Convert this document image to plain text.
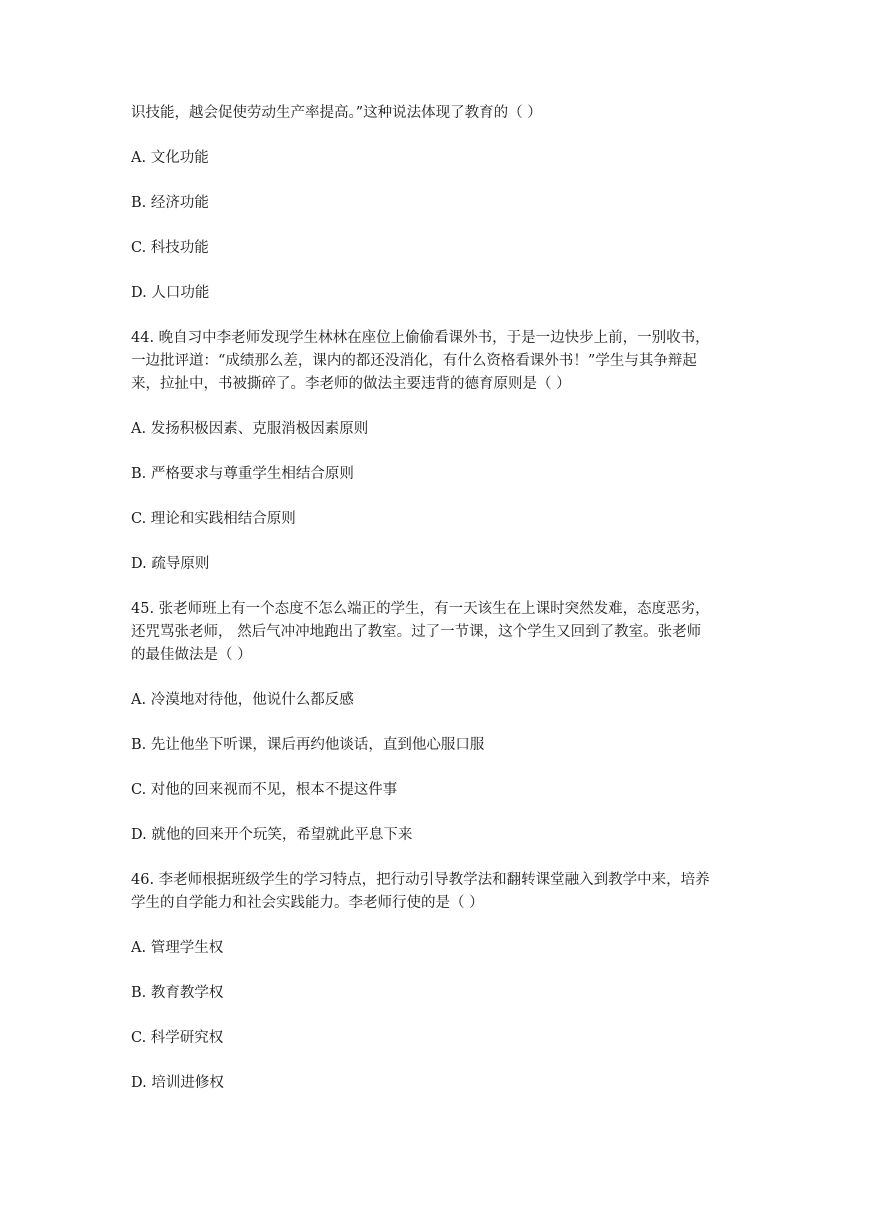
识技能，越会促使劳动生产率提高。”这种说法体现了教育的（ ）

A. 文化功能

B. 经济功能

C. 科技功能

D. 人口功能

44. 晚自习中李老师发现学生林林在座位上偷偷看课外书，于是一边快步上前，一别收书，

一边批评道：“成绩那么差，课内的都还没消化，有什么资格看课外书！”学生与其争辩起

来，拉扯中，书被撕碎了。李老师的做法主要违背的德育原则是（ ）

A. 发扬积极因素、克服消极因素原则

B. 严格要求与尊重学生相结合原则

C. 理论和实践相结合原则

D. 疏导原则

45. 张老师班上有一个态度不怎么端正的学生，有一天该生在上课时突然发难，态度恶劣，

还咒骂张老师， 然后气冲冲地跑出了教室。过了一节课，这个学生又回到了教室。张老师

的最佳做法是（ ）

A. 冷漠地对待他，他说什么都反感

B. 先让他坐下听课，课后再约他谈话，直到他心服口服

C. 对他的回来视而不见，根本不提这件事

D. 就他的回来开个玩笑，希望就此平息下来

46. 李老师根据班级学生的学习特点，把行动引导教学法和翻转课堂融入到教学中来，培养

学生的自学能力和社会实践能力。李老师行使的是（ ）

A. 管理学生权

B. 教育教学权

C. 科学研究权

D. 培训进修权
